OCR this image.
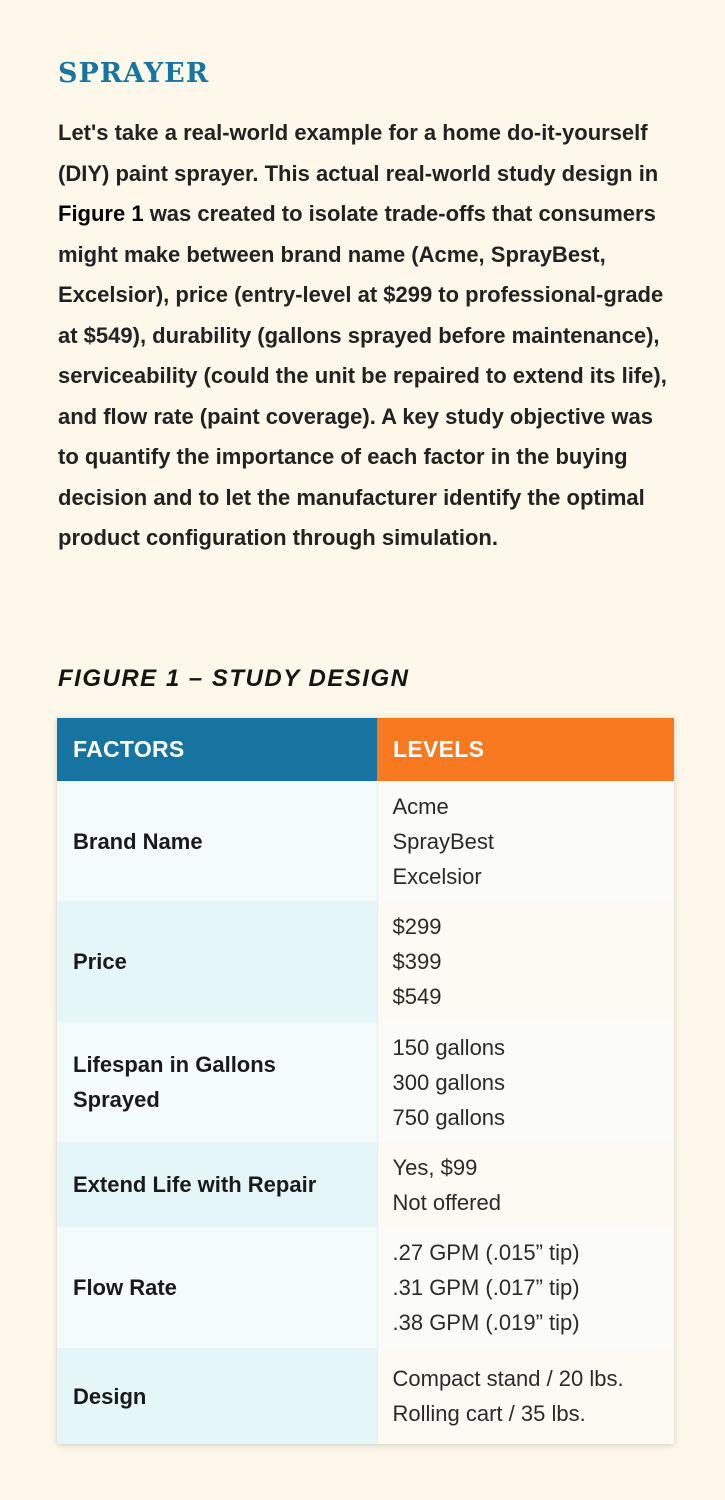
SPRAYER

Let's take a real-world example for a home do-it-yourself (DIY) paint sprayer. This actual real-world study design in Figure 1 was created to isolate trade-offs that consumers might make between brand name (Acme, SprayBest, Excelsior), price (entry-level at $299 to professional-grade at $549), durability (gallons sprayed before maintenance), serviceability (could the unit be repaired to extend its life), and flow rate (paint coverage). A key study objective was to quantify the importance of each factor in the buying decision and to let the manufacturer identify the optimal product configuration through simulation.

FIGURE 1 – STUDY DESIGN
FACTORS	LEVELS
Brand Name	Acme
SprayBest
Excelsior

Price	$299
$399
$549

Lifespan in Gallons Sprayed	150 gallons
300 gallons
750 gallons

Extend Life with Repair	Yes, $99
Not offered

Flow Rate	.27 GPM (.015” tip)
.31 GPM (.017” tip)
.38 GPM (.019” tip)

Design	Compact stand / 20 lbs.
Rolling cart / 35 lbs.
